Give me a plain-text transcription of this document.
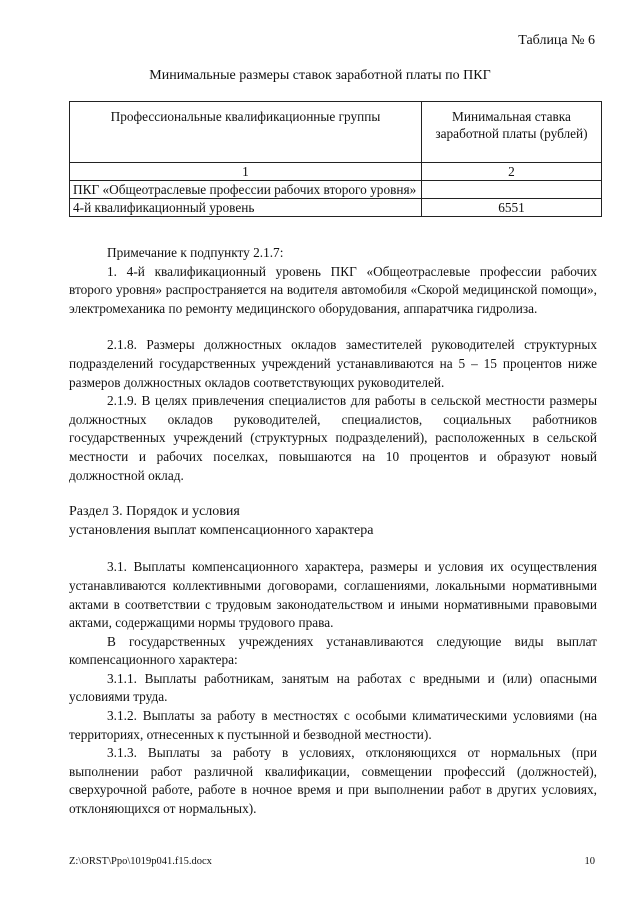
Таблица № 6
Минимальные размеры ставок заработной платы по ПКГ
Профессиональные квалификационные группы	Минимальная ставка заработной платы (рублей)
1	2
ПКГ «Общеотраслевые профессии рабочих второго уровня»	
4-й квалификационный уровень	6551

Примечание к подпункту 2.1.7:

1. 4-й квалификационный уровень ПКГ «Общеотраслевые профессии рабочих второго уровня» распространяется на водителя автомобиля «Скорой медицинской помощи», электромеханика по ремонту медицинского оборудования, аппаратчика гидролиза.

2.1.8. Размеры должностных окладов заместителей руководителей структурных подразделений государственных учреждений устанавливаются на 5 – 15 процентов ниже размеров должностных окладов соответствующих руководителей.

2.1.9. В целях привлечения специалистов для работы в сельской местности размеры должностных окладов руководителей, специалистов, социальных работников государственных учреждений (структурных подразделений), расположенных в сельской местности и рабочих поселках, повышаются на 10 процентов и образуют новый должностной оклад.

Раздел 3. Порядок и условия

установления выплат компенсационного характера

3.1. Выплаты компенсационного характера, размеры и условия их осуществления устанавливаются коллективными договорами, соглашениями, локальными нормативными актами в соответствии с трудовым законодательством и иными нормативными правовыми актами, содержащими нормы трудового права.

В государственных учреждениях устанавливаются следующие виды выплат компенсационного характера:

3.1.1. Выплаты работникам, занятым на работах с вредными и (или) опасными условиями труда.

3.1.2. Выплаты за работу в местностях с особыми климатическими условиями (на территориях, отнесенных к пустынной и безводной местности).

3.1.3. Выплаты за работу в условиях, отклоняющихся от нормальных (при выполнении работ различной квалификации, совмещении профессий (должностей), сверхурочной работе, работе в ночное время и при выполнении работ в других условиях, отклоняющихся от нормальных).

Z:\ORST\Ppo\1019p041.f15.docx	10
